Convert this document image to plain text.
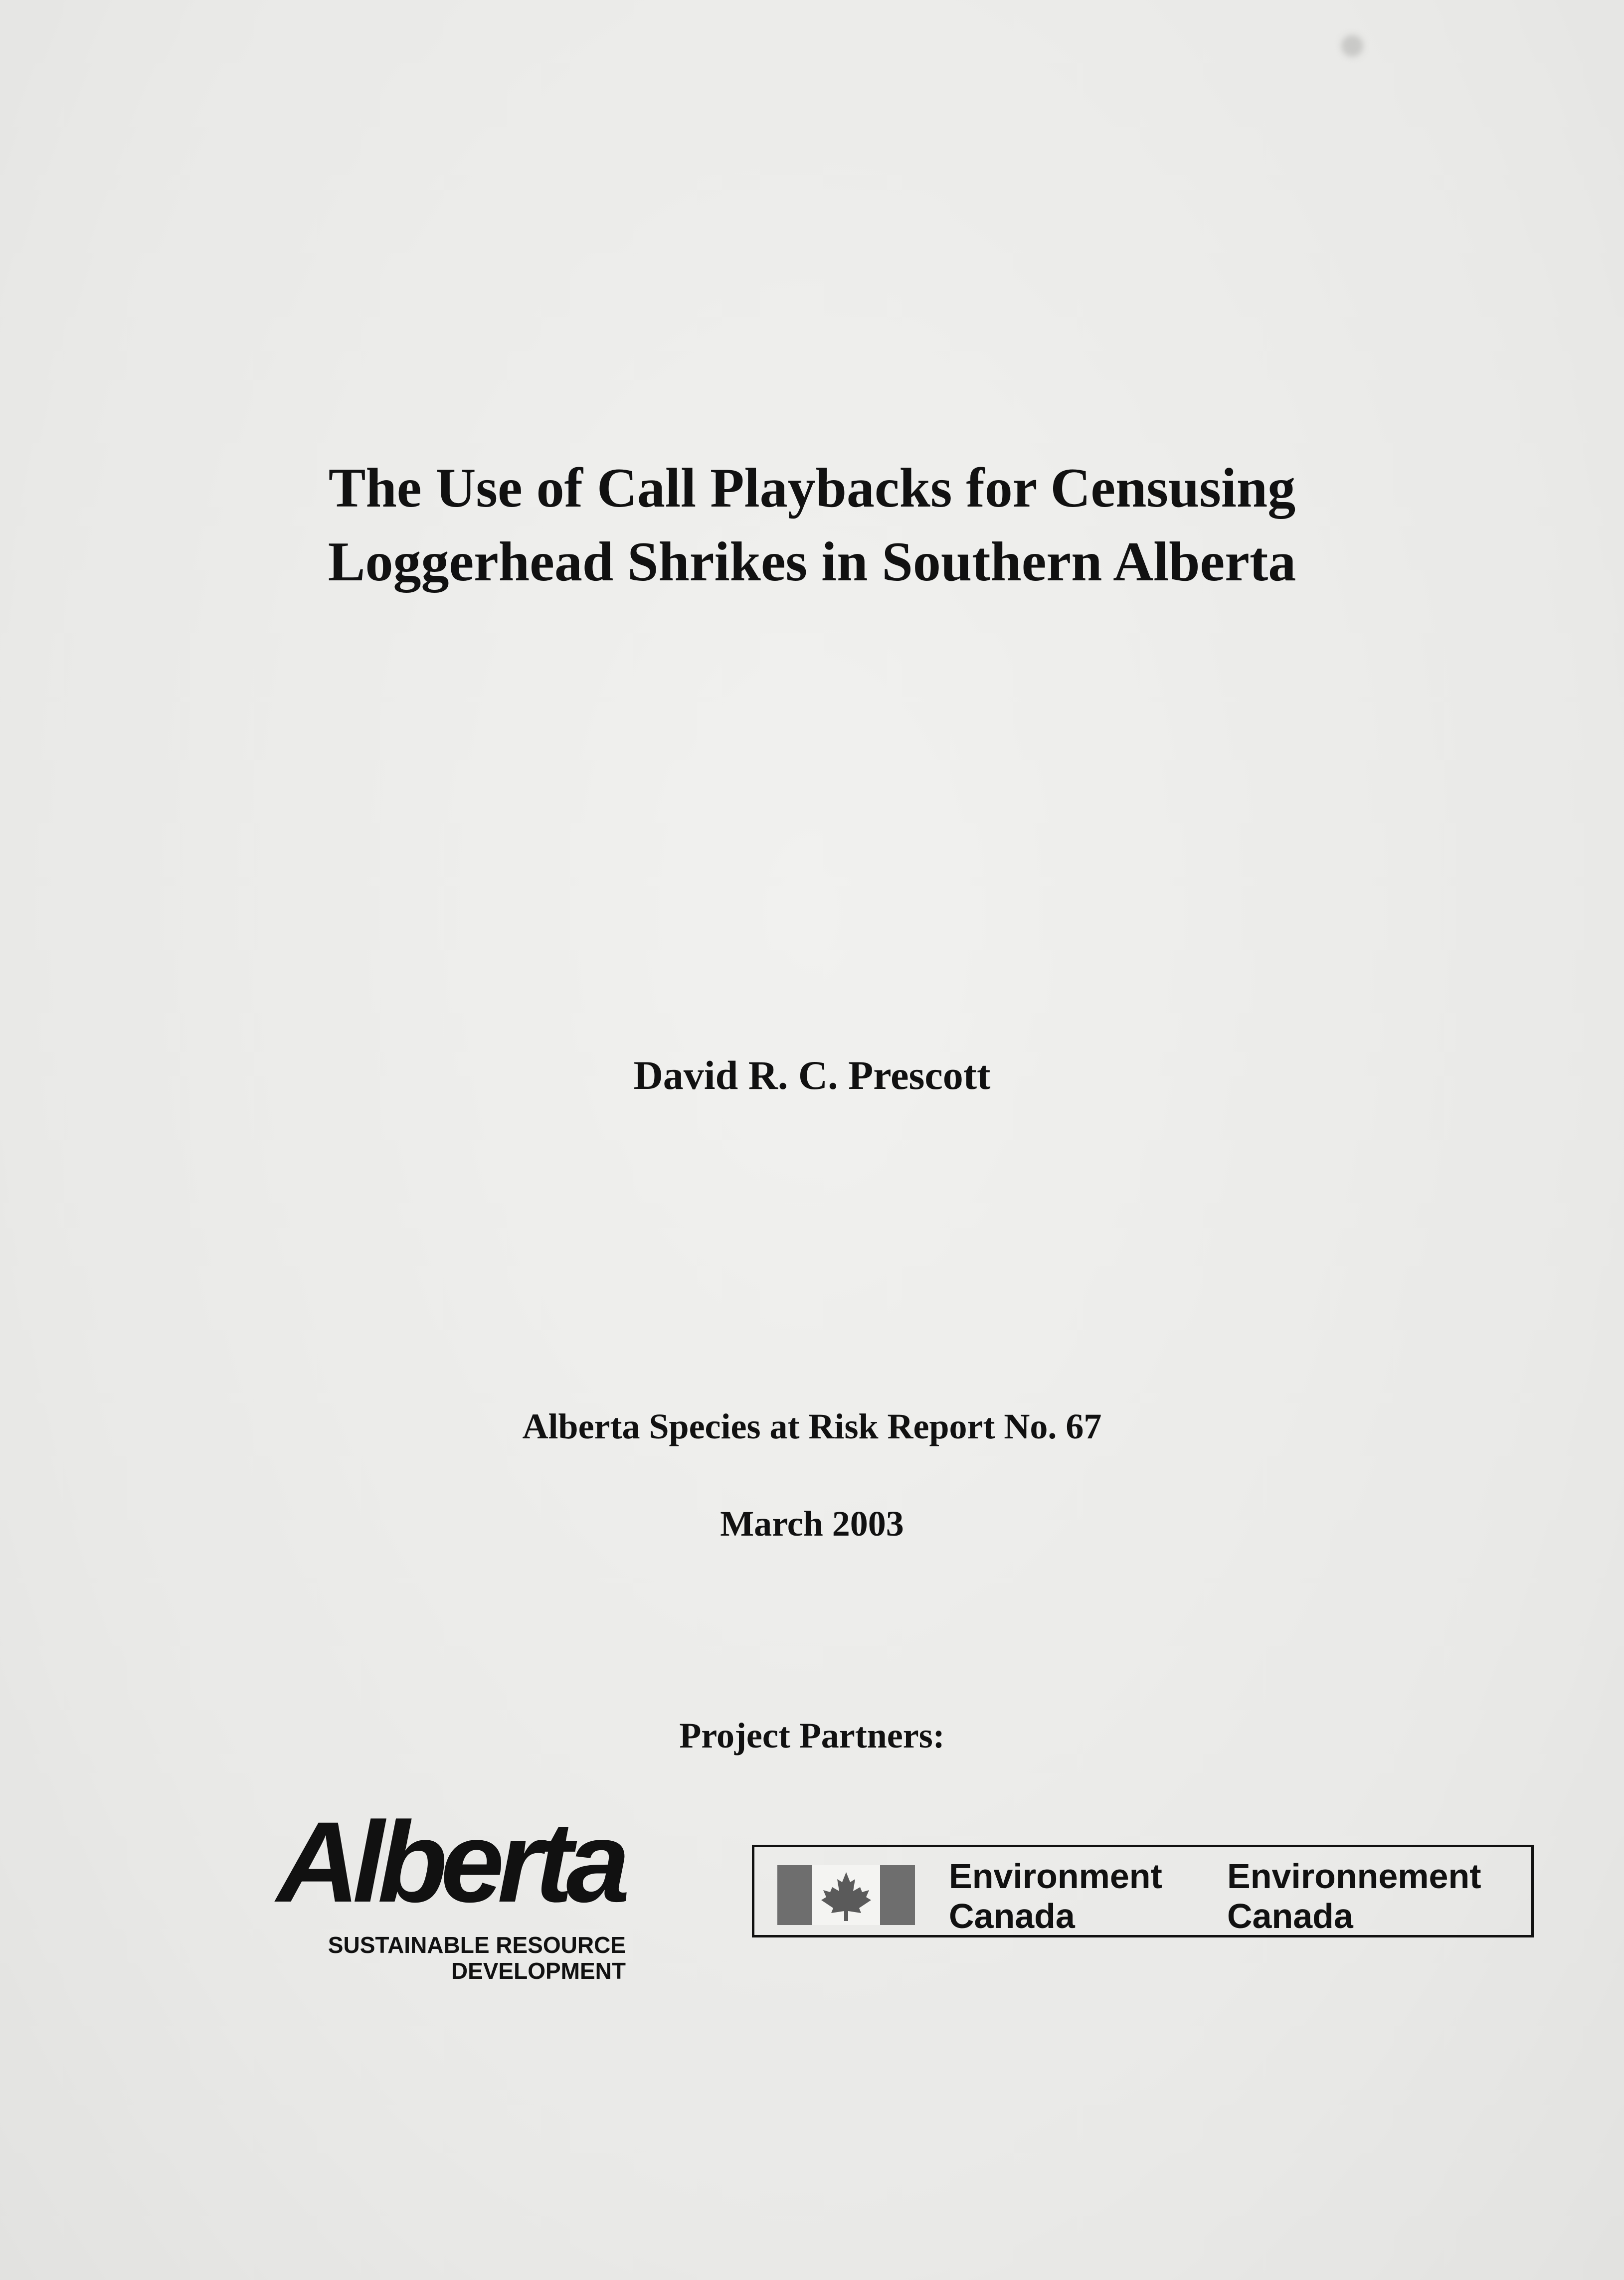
The Use of Call Playbacks for Censusing
Loggerhead Shrikes in Southern Alberta
David R. C. Prescott
Alberta Species at Risk Report No. 67
March 2003
Project Partners:
Alberta
SUSTAINABLE RESOURCE
DEVELOPMENT
Environment
Canada
Environnement
Canada
